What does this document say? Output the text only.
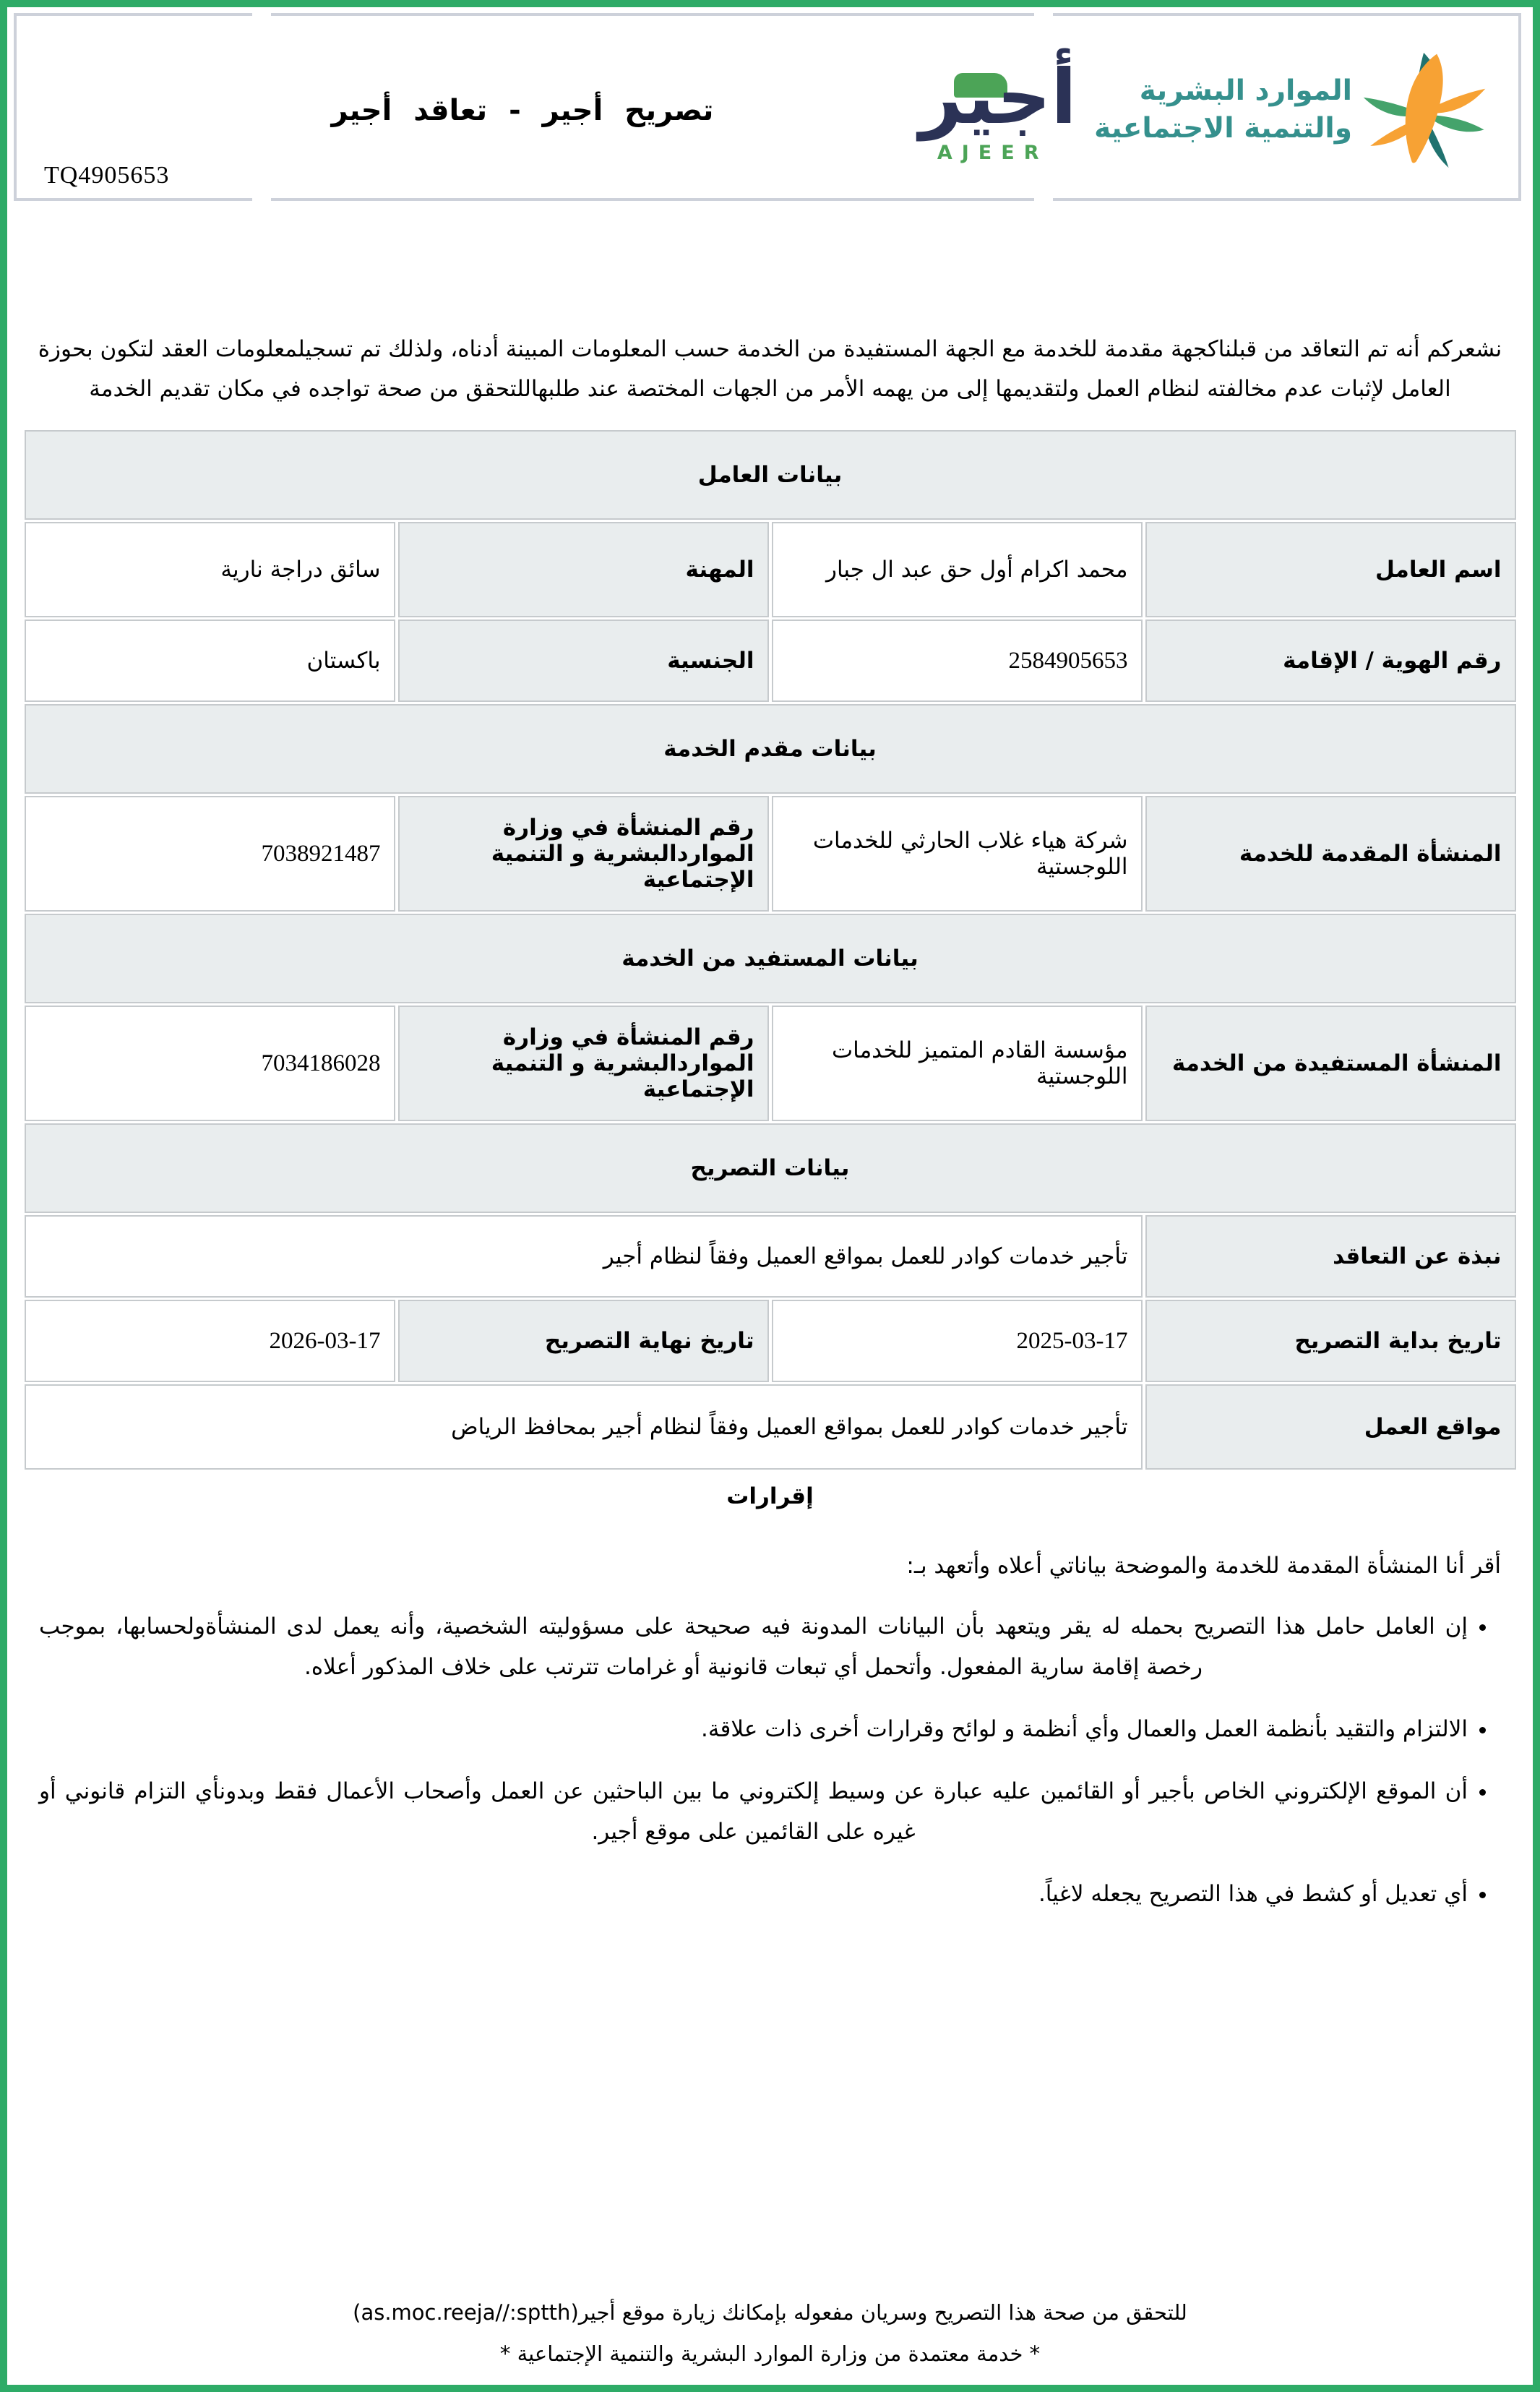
تصريح أجير - تعاقد أجير
TQ4905653
أجير
AJEER
الموارد البشرية
والتنمية الاجتماعية

نشعركم أنه تم التعاقد من قبلناكجهة مقدمة للخدمة مع الجهة المستفيدة من الخدمة حسب المعلومات المبينة أدناه، ولذلك تم تسجيلمعلومات العقد لتكون بحوزة العامل لإثبات عدم مخالفته لنظام العمل ولتقديمها إلى من يهمه الأمر من الجهات المختصة عند طلبهاللتحقق من صحة تواجده في مكان تقديم الخدمة

بيانات العامل			
اسم العامل	محمد اكرام أول حق عبد ال جبار	المهنة	سائق دراجة نارية
رقم الهوية / الإقامة	2584905653	الجنسية	باكستان
بيانات مقدم الخدمة			
المنشأة المقدمة للخدمة	شركة هياء غلاب الحارثي للخدمات اللوجستية	رقم المنشأة في وزارة المواردالبشرية و التنمية الإجتماعية	7038921487
بيانات المستفيد من الخدمة			
المنشأة المستفيدة من الخدمة	مؤسسة القادم المتميز للخدمات اللوجستية	رقم المنشأة في وزارة المواردالبشرية و التنمية الإجتماعية	7034186028
بيانات التصريح			
نبذة عن التعاقد	تأجير خدمات كوادر للعمل بمواقع العميل وفقاً لنظام أجير		
تاريخ بداية التصريح	2025-03-17	تاريخ نهاية التصريح	2026-03-17
مواقع العمل	تأجير خدمات كوادر للعمل بمواقع العميل وفقاً لنظام أجير بمحافظ الرياض		
إقرارات

أقر أنا المنشأة المقدمة للخدمة والموضحة بياناتي أعلاه وأتعهد بـ:

• إن العامل حامل هذا التصريح بحمله له يقر ويتعهد بأن البيانات المدونة فيه صحيحة على مسؤوليته الشخصية، وأنه يعمل لدى المنشأةولحسابها، بموجب رخصة إقامة سارية المفعول. وأتحمل أي تبعات قانونية أو غرامات تترتب على خلاف المذكور أعلاه.
• الالتزام والتقيد بأنظمة العمل والعمال وأي أنظمة و لوائح وقرارات أخرى ذات علاقة.
• أن الموقع الإلكتروني الخاص بأجير أو القائمين عليه عبارة عن وسيط إلكتروني ما بين الباحثين عن العمل وأصحاب الأعمال فقط وبدونأي التزام قانوني أو غيره على القائمين على موقع أجير.
• أي تعديل أو كشط في هذا التصريح يجعله لاغياً.

للتحقق من صحة هذا التصريح وسريان مفعوله بإمكانك زيارة موقع أجير(as.moc.reeja//:sptth)

* خدمة معتمدة من وزارة الموارد البشرية والتنمية الإجتماعية *
